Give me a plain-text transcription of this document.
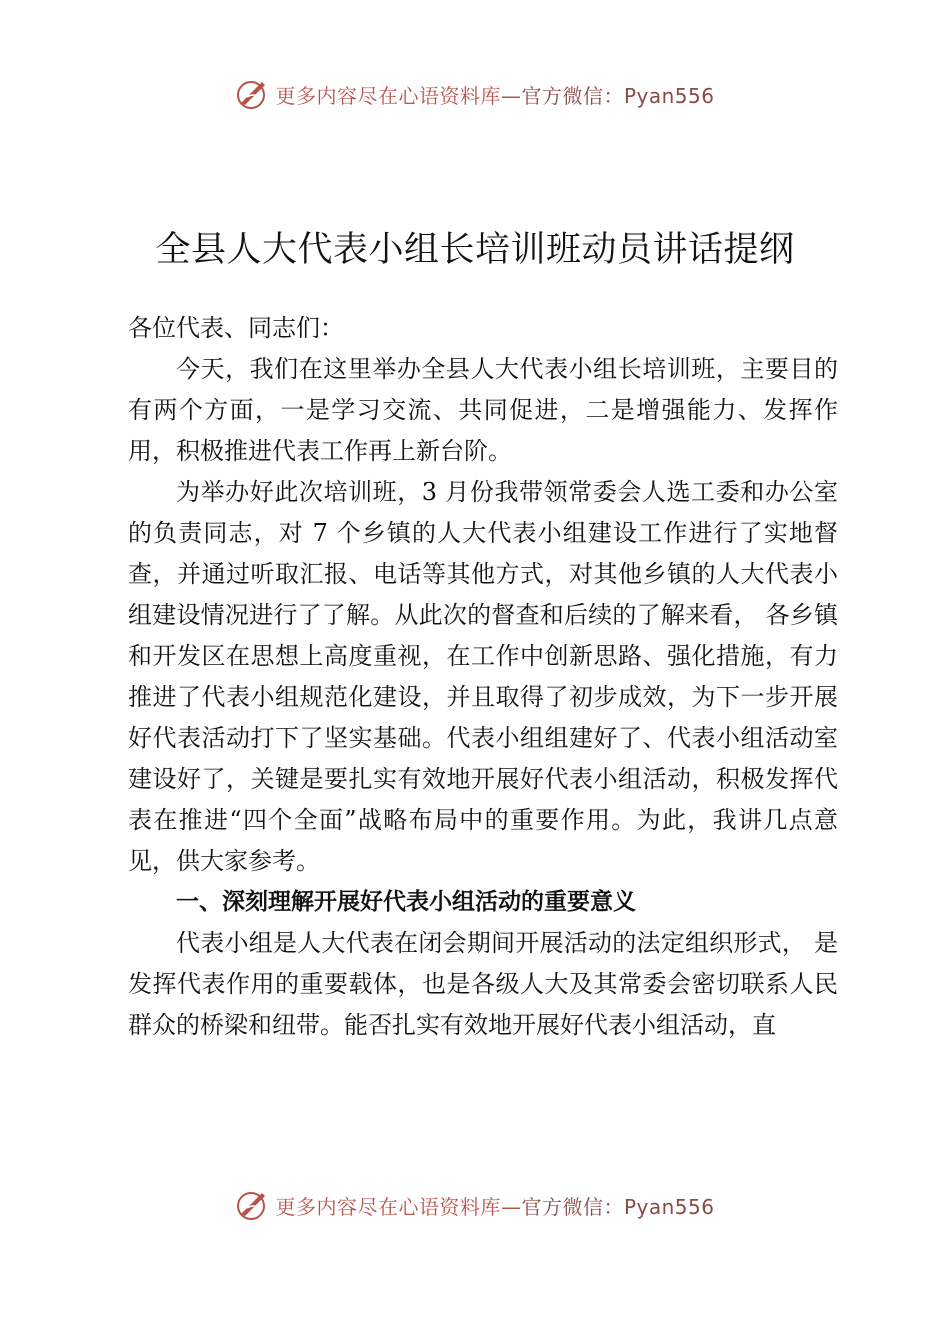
更多内容尽在心语资料库—官方微信：Pyan556
全县人大代表小组长培训班动员讲话提纲

各位代表、同志们：

今天，我们在这里举办全县人大代表小组长培训班，主要目的有两个方面，一是学习交流、共同促进，二是增强能力、发挥作用，积极推进代表工作再上新台阶。

为举办好此次培训班，3 月份我带领常委会人选工委和办公室的负责同志，对 7 个乡镇的人大代表小组建设工作进行了实地督查，并通过听取汇报、电话等其他方式，对其他乡镇的人大代表小组建设情况进行了了解。从此次的督查和后续的了解来看， 各乡镇和开发区在思想上高度重视，在工作中创新思路、强化措施，有力推进了代表小组规范化建设，并且取得了初步成效，为下一步开展好代表活动打下了坚实基础。代表小组组建好了、代表小组活动室建设好了，关键是要扎实有效地开展好代表小组活动，积极发挥代表在推进“四个全面”战略布局中的重要作用。为此，我讲几点意见，供大家参考。

一、深刻理解开展好代表小组活动的重要意义

代表小组是人大代表在闭会期间开展活动的法定组织形式， 是发挥代表作用的重要载体，也是各级人大及其常委会密切联系人民群众的桥梁和纽带。能否扎实有效地开展好代表小组活动，直

更多内容尽在心语资料库—官方微信：Pyan556
